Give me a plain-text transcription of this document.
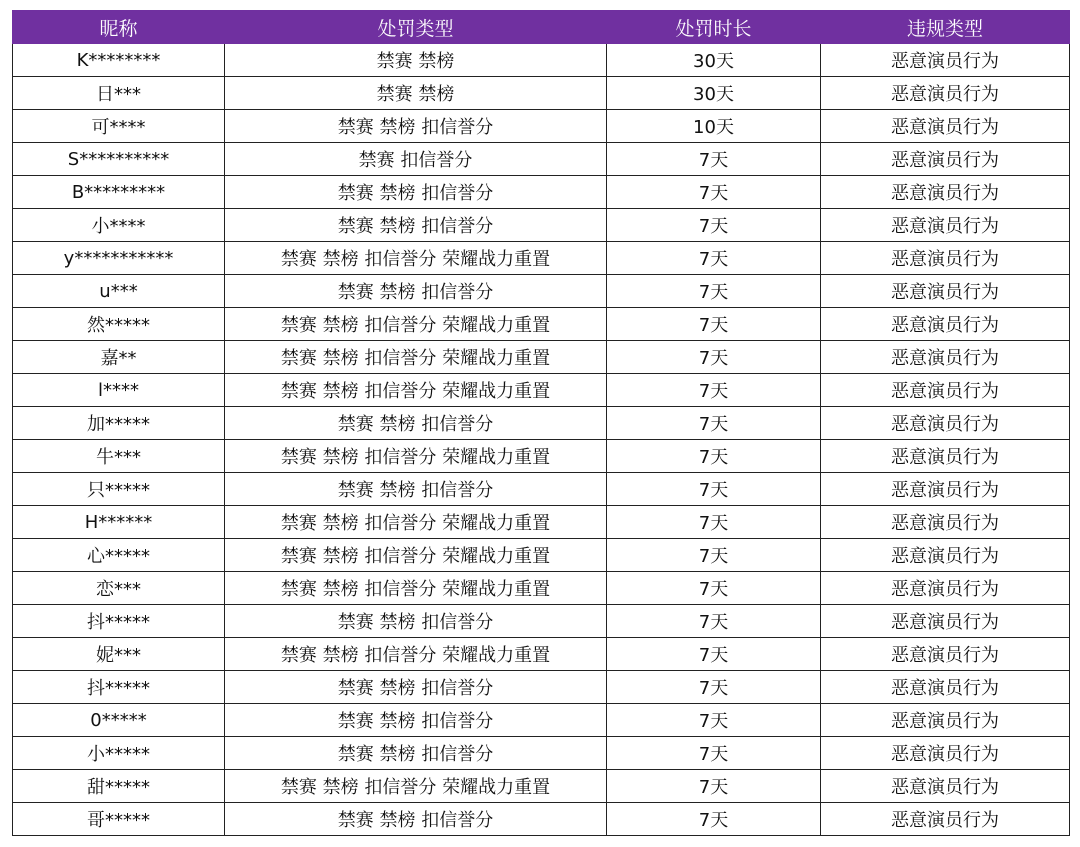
昵称	处罚类型	处罚时长	违规类型
K********	禁赛 禁榜	30天	恶意演员行为
日***	禁赛 禁榜	30天	恶意演员行为
可****	禁赛 禁榜 扣信誉分	10天	恶意演员行为
S**********	禁赛 扣信誉分	7天	恶意演员行为
B*********	禁赛 禁榜 扣信誉分	7天	恶意演员行为
小****	禁赛 禁榜 扣信誉分	7天	恶意演员行为
y***********	禁赛 禁榜 扣信誉分 荣耀战力重置	7天	恶意演员行为
u***	禁赛 禁榜 扣信誉分	7天	恶意演员行为
然*****	禁赛 禁榜 扣信誉分 荣耀战力重置	7天	恶意演员行为
嘉**	禁赛 禁榜 扣信誉分 荣耀战力重置	7天	恶意演员行为
l****	禁赛 禁榜 扣信誉分 荣耀战力重置	7天	恶意演员行为
加*****	禁赛 禁榜 扣信誉分	7天	恶意演员行为
牛***	禁赛 禁榜 扣信誉分 荣耀战力重置	7天	恶意演员行为
只*****	禁赛 禁榜 扣信誉分	7天	恶意演员行为
H******	禁赛 禁榜 扣信誉分 荣耀战力重置	7天	恶意演员行为
心*****	禁赛 禁榜 扣信誉分 荣耀战力重置	7天	恶意演员行为
恋***	禁赛 禁榜 扣信誉分 荣耀战力重置	7天	恶意演员行为
抖*****	禁赛 禁榜 扣信誉分	7天	恶意演员行为
妮***	禁赛 禁榜 扣信誉分 荣耀战力重置	7天	恶意演员行为
抖*****	禁赛 禁榜 扣信誉分	7天	恶意演员行为
0*****	禁赛 禁榜 扣信誉分	7天	恶意演员行为
小*****	禁赛 禁榜 扣信誉分	7天	恶意演员行为
甜*****	禁赛 禁榜 扣信誉分 荣耀战力重置	7天	恶意演员行为
哥*****	禁赛 禁榜 扣信誉分	7天	恶意演员行为
